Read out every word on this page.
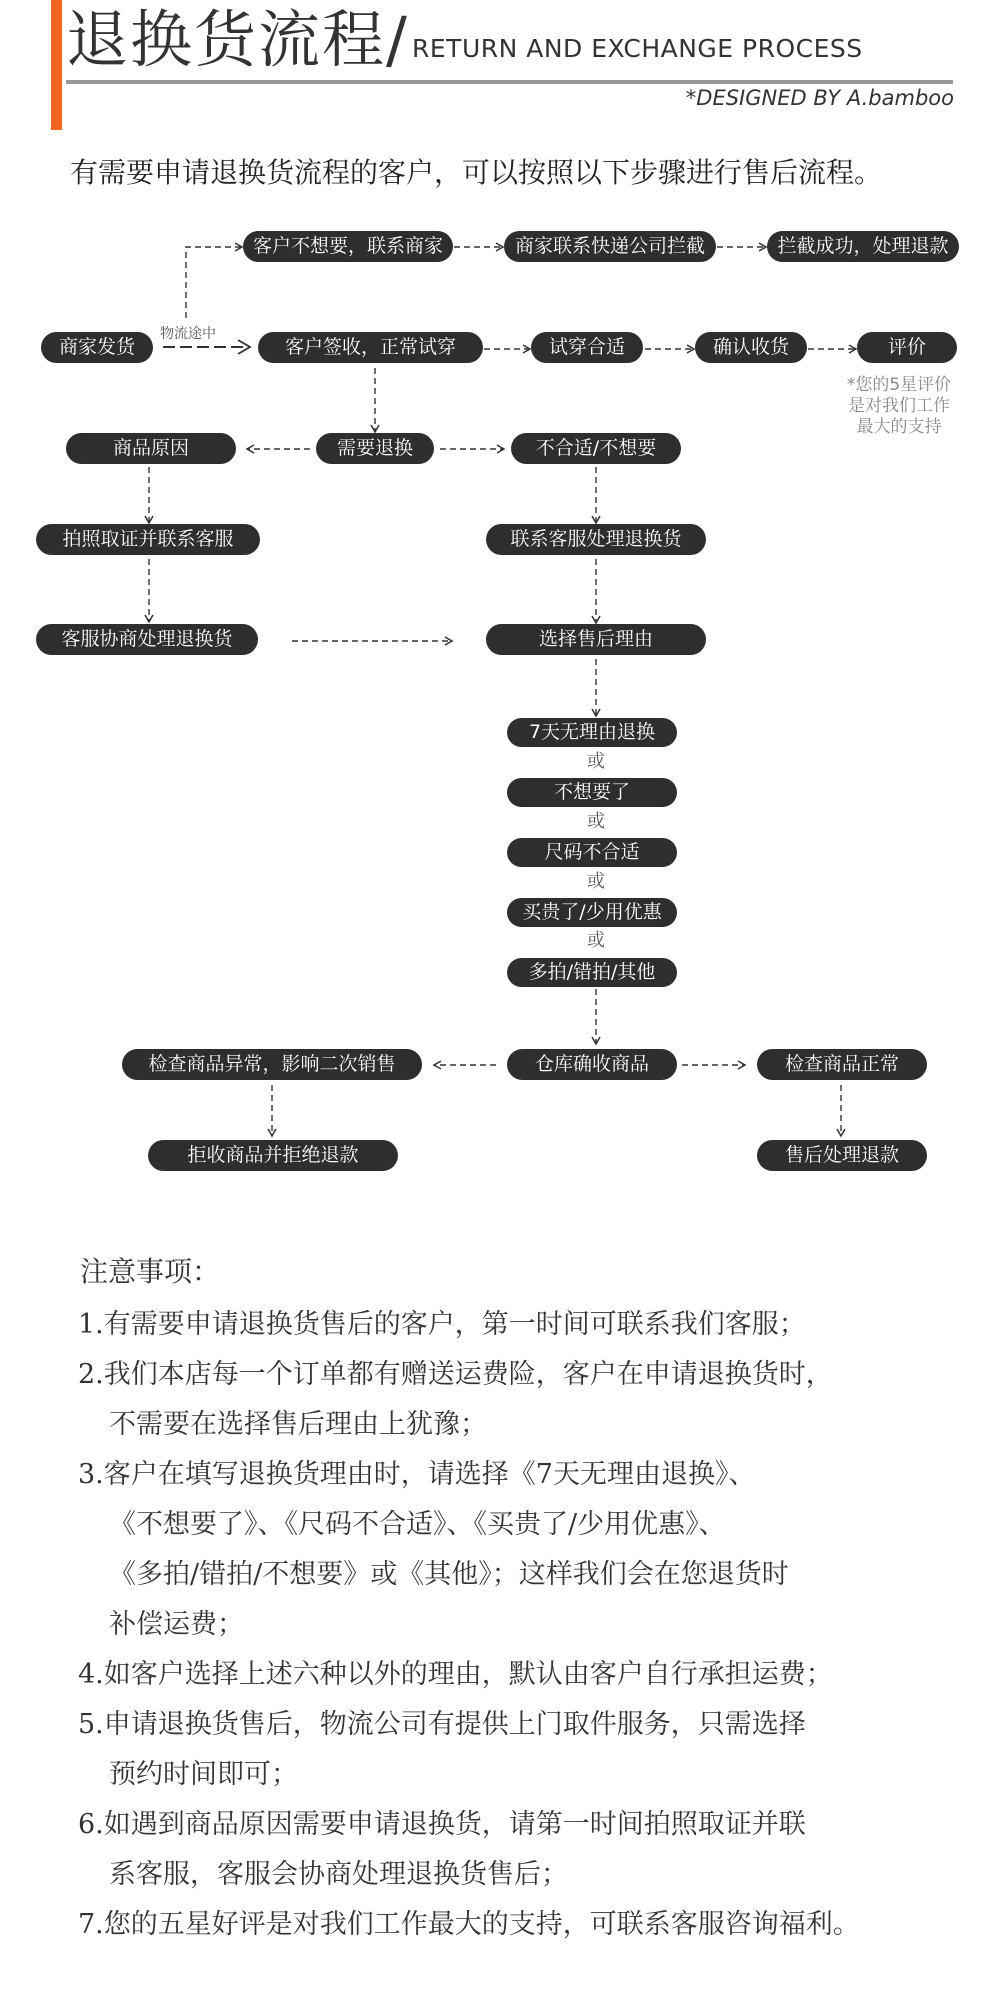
退换货流程/ RETURN AND EXCHANGE PROCESS
*DESIGNED BY A.bamboo
有需要申请退换货流程的客户，可以按照以下步骤进行售后流程。
物流途中
客户不想要，联系商家	商家联系快递公司拦截	拦截成功，处理退款
商家发货	客户签收，正常试穿	试穿合适	确认收货	评价
*您的5星评价
是对我们工作
最大的支持
商品原因	需要退换	不合适/不想要
拍照取证并联系客服	联系客服处理退换货
客服协商处理退换货	选择售后理由
7天无理由退换
或
不想要了
或
尺码不合适
或
买贵了/少用优惠
或
多拍/错拍/其他
检查商品异常，影响二次销售	仓库确收商品	检查商品正常
拒收商品并拒绝退款	售后处理退款
注意事项：
1.有需要申请退换货售后的客户，第一时间可联系我们客服；
2.我们本店每一个订单都有赠送运费险，客户在申请退换货时，
不需要在选择售后理由上犹豫；
3.客户在填写退换货理由时，请选择《7天无理由退换》、
《不想要了》、《尺码不合适》、《买贵了/少用优惠》、
《多拍/错拍/不想要》或《其他》；这样我们会在您退货时
补偿运费；
4.如客户选择上述六种以外的理由，默认由客户自行承担运费；
5.申请退换货售后，物流公司有提供上门取件服务，只需选择
预约时间即可；
6.如遇到商品原因需要申请退换货，请第一时间拍照取证并联
系客服，客服会协商处理退换货售后；
7.您的五星好评是对我们工作最大的支持，可联系客服咨询福利。
